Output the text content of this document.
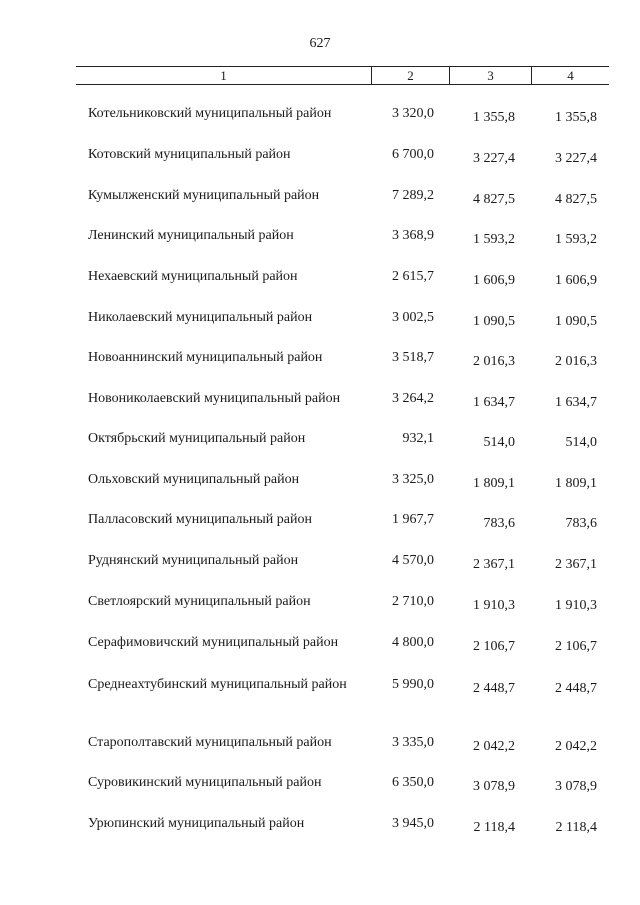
627
1	2	3	4
Котельниковский муниципальный район	3 320,0	1 355,8	1 355,8
Котовский муниципальный район	6 700,0	3 227,4	3 227,4
Кумылженский муниципальный район	7 289,2	4 827,5	4 827,5
Ленинский муниципальный район	3 368,9	1 593,2	1 593,2
Нехаевский муниципальный район	2 615,7	1 606,9	1 606,9
Николаевский муниципальный район	3 002,5	1 090,5	1 090,5
Новоаннинский муниципальный район	3 518,7	2 016,3	2 016,3
Новониколаевский муниципальный район	3 264,2	1 634,7	1 634,7
Октябрьский муниципальный район	932,1	514,0	514,0
Ольховский муниципальный район	3 325,0	1 809,1	1 809,1
Палласовский муниципальный район	1 967,7	783,6	783,6
Руднянский муниципальный район	4 570,0	2 367,1	2 367,1
Светлоярский муниципальный район	2 710,0	1 910,3	1 910,3
Серафимовичский муниципальный район	4 800,0	2 106,7	2 106,7
Среднеахтубинский муниципальный район	5 990,0	2 448,7	2 448,7
Старополтавский муниципальный район	3 335,0	2 042,2	2 042,2
Суровикинский муниципальный район	6 350,0	3 078,9	3 078,9
Урюпинский муниципальный район	3 945,0	2 118,4	2 118,4
